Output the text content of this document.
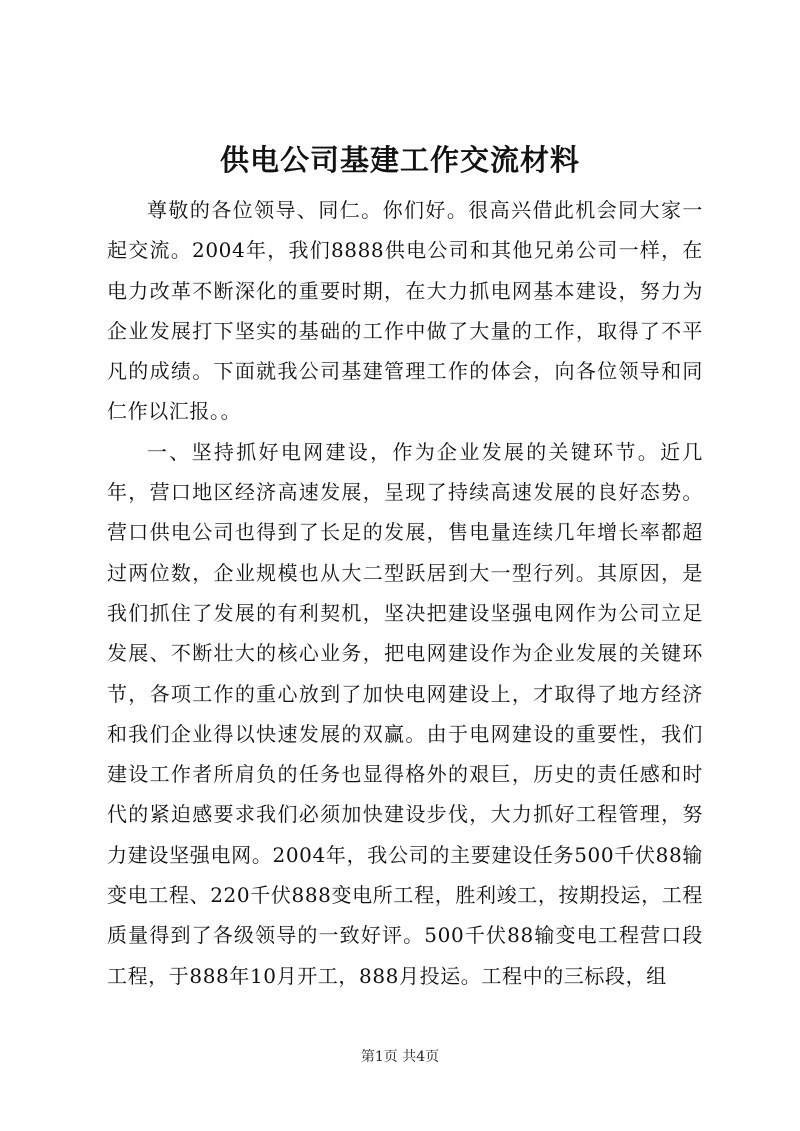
供电公司基建工作交流材料

尊敬的各位领导、同仁。你们好。很高兴借此机会同大家一起交流。2004年，我们8888供电公司和其他兄弟公司一样，在电力改革不断深化的重要时期，在大力抓电网基本建设，努力为企业发展打下坚实的基础的工作中做了大量的工作，取得了不平凡的成绩。下面就我公司基建管理工作的体会，向各位领导和同仁作以汇报。。

一、坚持抓好电网建设，作为企业发展的关键环节。近几年，营口地区经济高速发展，呈现了持续高速发展的良好态势。营口供电公司也得到了长足的发展，售电量连续几年增长率都超过两位数，企业规模也从大二型跃居到大一型行列。其原因，是我们抓住了发展的有利契机，坚决把建设坚强电网作为公司立足发展、不断壮大的核心业务，把电网建设作为企业发展的关键环节，各项工作的重心放到了加快电网建设上，才取得了地方经济和我们企业得以快速发展的双赢。由于电网建设的重要性，我们建设工作者所肩负的任务也显得格外的艰巨，历史的责任感和时代的紧迫感要求我们必须加快建设步伐，大力抓好工程管理，努力建设坚强电网。2004年，我公司的主要建设任务500千伏88输变电工程、220千伏888变电所工程，胜利竣工，按期投运，工程质量得到了各级领导的一致好评。500千伏88输变电工程营口段工程，于888年10月开工，888月投运。工程中的三标段，组

第1页 共4页
